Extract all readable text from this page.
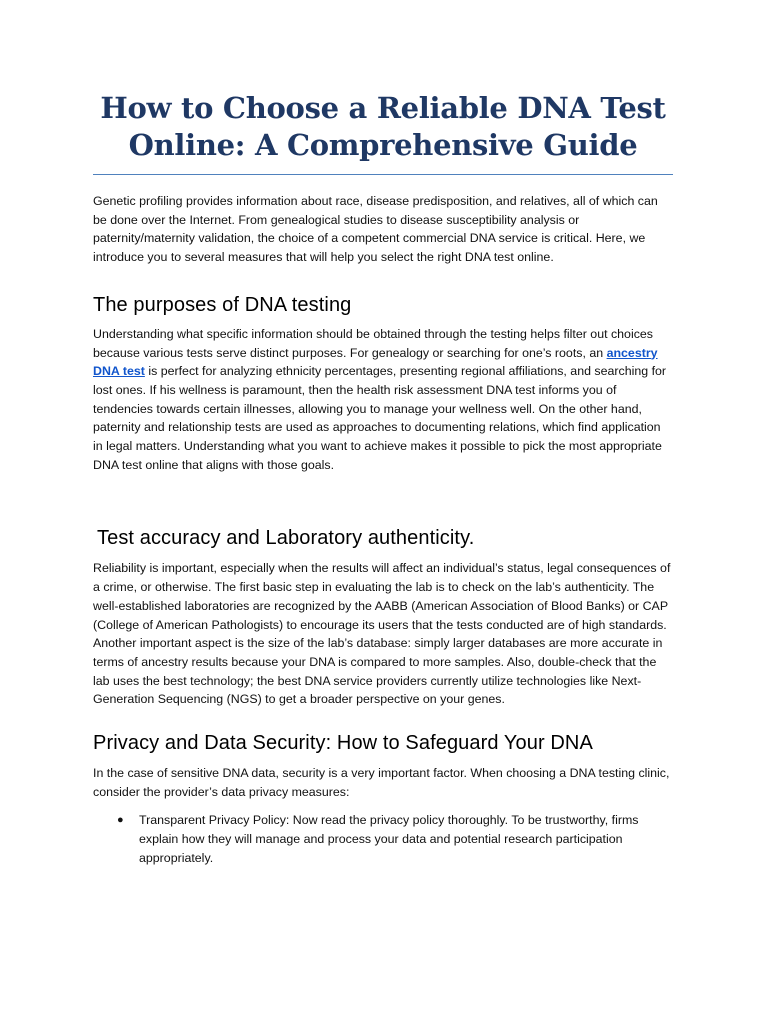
How to Choose a Reliable DNA Test Online: A Comprehensive Guide

Genetic profiling provides information about race, disease predisposition, and relatives, all of which can be done over the Internet. From genealogical studies to disease susceptibility analysis or paternity/maternity validation, the choice of a competent commercial DNA service is critical. Here, we introduce you to several measures that will help you select the right DNA test online.

The purposes of DNA testing

Understanding what specific information should be obtained through the testing helps filter out choices because various tests serve distinct purposes. For genealogy or searching for one’s roots, an ancestry DNA test is perfect for analyzing ethnicity percentages, presenting regional affiliations, and searching for lost ones. If his wellness is paramount, then the health risk assessment DNA test informs you of tendencies towards certain illnesses, allowing you to manage your wellness well. On the other hand, paternity and relationship tests are used as approaches to documenting relations, which find application in legal matters. Understanding what you want to achieve makes it possible to pick the most appropriate DNA test online that aligns with those goals.

Test accuracy and Laboratory authenticity.

Reliability is important, especially when the results will affect an individual’s status, legal consequences of a crime, or otherwise. The first basic step in evaluating the lab is to check on the lab’s authenticity. The well-established laboratories are recognized by the AABB (American Association of Blood Banks) or CAP (College of American Pathologists) to encourage its users that the tests conducted are of high standards. Another important aspect is the size of the lab’s database: simply larger databases are more accurate in terms of ancestry results because your DNA is compared to more samples. Also, double-check that the lab uses the best technology; the best DNA service providers currently utilize technologies like Next-Generation Sequencing (NGS) to get a broader perspective on your genes.

Privacy and Data Security: How to Safeguard Your DNA

In the case of sensitive DNA data, security is a very important factor. When choosing a DNA testing clinic, consider the provider’s data privacy measures:

● Transparent Privacy Policy: Now read the privacy policy thoroughly. To be trustworthy, firms explain how they will manage and process your data and potential research participation appropriately.
